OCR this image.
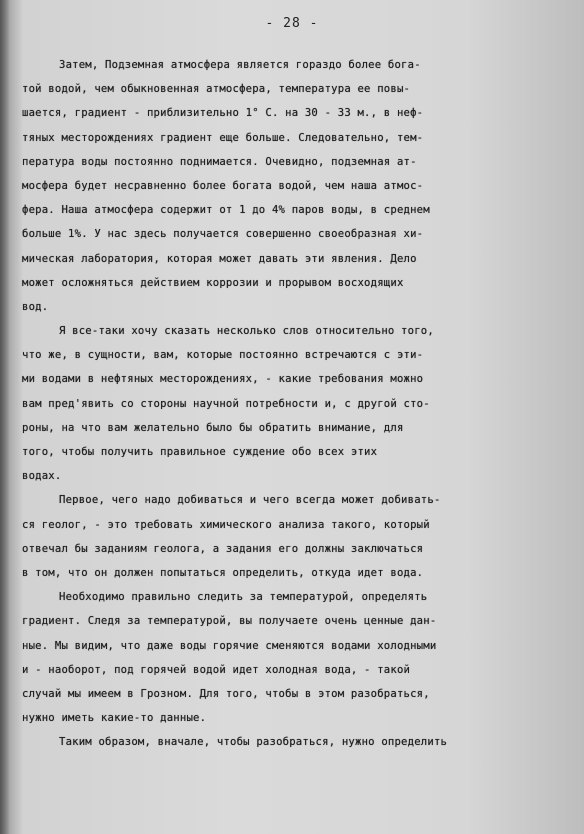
- 28 -
Затем, Подземная атмосфера является гораздо более бога-
той водой, чем обыкновенная атмосфера, температура ее повы-
шается, градиент - приблизительно 1° С. на 30 - 33 м., в неф-
тяных месторождениях градиент еще больше. Следовательно, тем-
пература воды постоянно поднимается. Очевидно, подземная ат-
мосфера будет несравненно более богата водой, чем наша атмос-
фера. Наша атмосфера содержит от 1 до 4% паров воды, в среднем
больше 1%. У нас здесь получается совершенно своеобразная хи-
мическая лаборатория, которая может давать эти явления. Дело
может осложняться действием коррозии и прорывом восходящих
вод.
Я все-таки хочу сказать несколько слов относительно того,
что же, в сущности, вам, которые постоянно встречаются с эти-
ми водами в нефтяных месторождениях, - какие требования можно
вам пред'явить со стороны научной потребности и, с другой сто-
роны, на что вам желательно было бы обратить внимание, для
того, чтобы получить правильное суждение обо всех этих
водах.
Первое, чего надо добиваться и чего всегда может добивать-
ся геолог, - это требовать химического анализа такого, который
отвечал бы заданиям геолога, а задания его должны заключаться
в том, что он должен попытаться определить, откуда идет вода.
Необходимо правильно следить за температурой, определять
градиент. Следя за температурой, вы получаете очень ценные дан-
ные. Мы видим, что даже воды горячие сменяются водами холодными
и - наоборот, под горячей водой идет холодная вода, - такой
случай мы имеем в Грозном. Для того, чтобы в этом разобраться,
нужно иметь какие-то данные.
Таким образом, вначале, чтобы разобраться, нужно определить
